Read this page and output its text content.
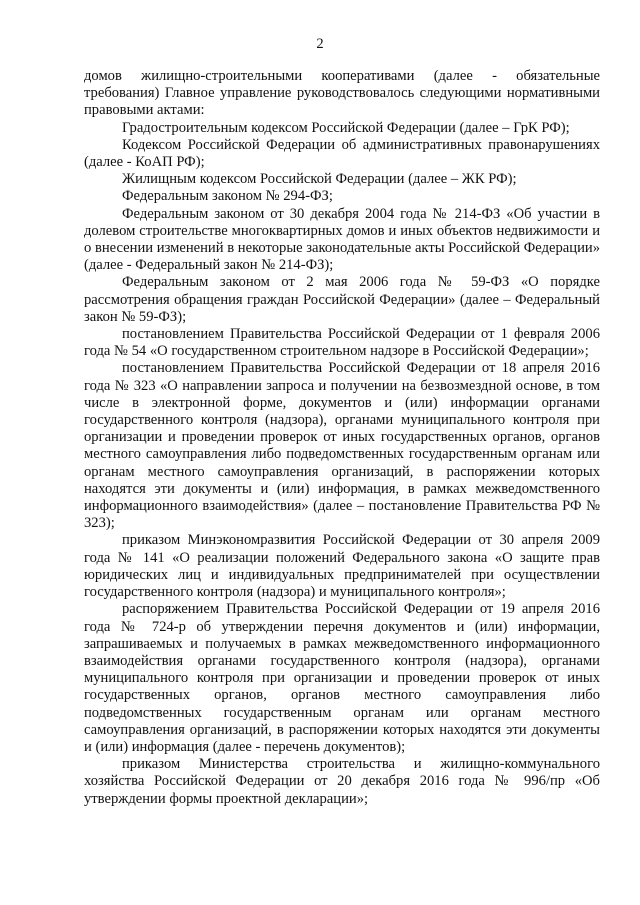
2

домов жилищно-строительными кооперативами (далее - обязательные требования) Главное управление руководствовалось следующими нормативными правовыми актами:

Градостроительным кодексом Российской Федерации (далее – ГрК РФ);

Кодексом Российской Федерации об административных правонарушениях (далее - КоАП РФ);

Жилищным кодексом Российской Федерации (далее – ЖК РФ);

Федеральным законом № 294-ФЗ;

Федеральным законом от 30 декабря 2004 года № 214-ФЗ «Об участии в долевом строительстве многоквартирных домов и иных объектов недвижимости и о внесении изменений в некоторые законодательные акты Российской Федерации» (далее - Федеральный закон № 214-ФЗ);

Федеральным законом от 2 мая 2006 года № 59-ФЗ «О порядке рассмотрения обращения граждан Российской Федерации» (далее – Федеральный закон № 59-ФЗ);

постановлением Правительства Российской Федерации от 1 февраля 2006 года № 54 «О государственном строительном надзоре в Российской Федерации»;

постановлением Правительства Российской Федерации от 18 апреля 2016 года № 323 «О направлении запроса и получении на безвозмездной основе, в том числе в электронной форме, документов и (или) информации органами государственного контроля (надзора), органами муниципального контроля при организации и проведении проверок от иных государственных органов, органов местного самоуправления либо подведомственных государственным органам или органам местного самоуправления организаций, в распоряжении которых находятся эти документы и (или) информация, в рамках межведомственного информационного взаимодействия» (далее – постановление Правительства РФ № 323);

приказом Минэкономразвития Российской Федерации от 30 апреля 2009 года № 141 «О реализации положений Федерального закона «О защите прав юридических лиц и индивидуальных предпринимателей при осуществлении государственного контроля (надзора) и муниципального контроля»;

распоряжением Правительства Российской Федерации от 19 апреля 2016 года № 724-р об утверждении перечня документов и (или) информации, запрашиваемых и получаемых в рамках межведомственного информационного взаимодействия органами государственного контроля (надзора), органами муниципального контроля при организации и проведении проверок от иных государственных органов, органов местного самоуправления либо подведомственных государственным органам или органам местного самоуправления организаций, в распоряжении которых находятся эти документы и (или) информация (далее - перечень документов);

приказом Министерства строительства и жилищно-коммунального хозяйства Российской Федерации от 20 декабря 2016 года № 996/пр «Об утверждении формы проектной декларации»;
